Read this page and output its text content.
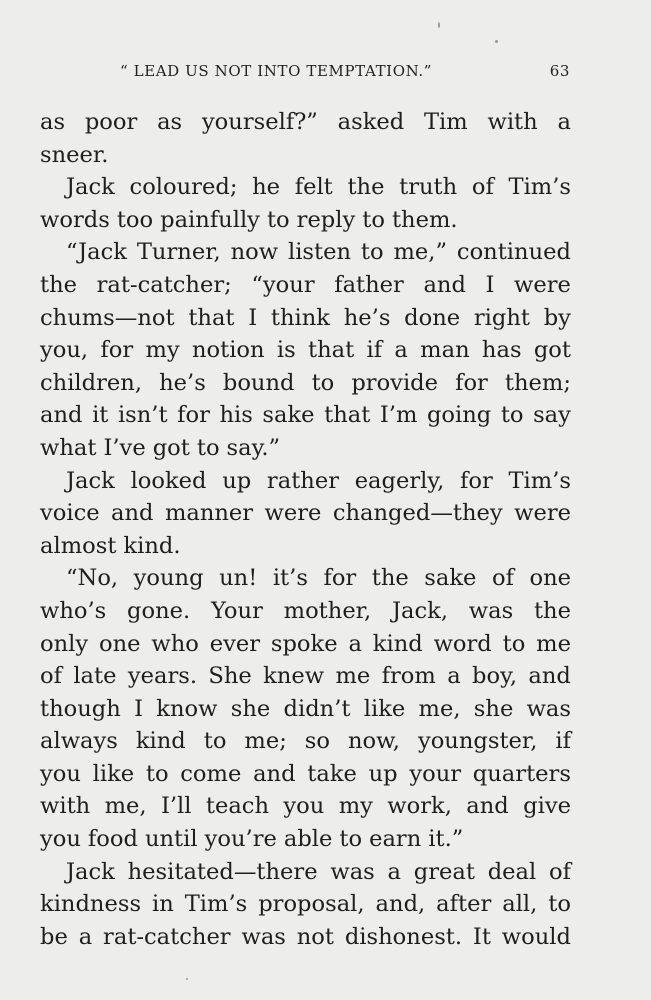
“ LEAD US NOT INTO TEMPTATION.”	63
as poor as yourself?” asked Tim with a
sneer.
Jack coloured; he felt the truth of Tim’s
words too painfully to reply to them.
“Jack Turner, now listen to me,” continued
the rat-catcher; “your father and I were
chums—not that I think he’s done right by
you, for my notion is that if a man has got
children, he’s bound to provide for them;
and it isn’t for his sake that I’m going to say
what I’ve got to say.”
Jack looked up rather eagerly, for Tim’s
voice and manner were changed—they were
almost kind.
“No, young un! it’s for the sake of one
who’s gone. Your mother, Jack, was the
only one who ever spoke a kind word to me
of late years. She knew me from a boy, and
though I know she didn’t like me, she was
always kind to me; so now, youngster, if
you like to come and take up your quarters
with me, I’ll teach you my work, and give
you food until you’re able to earn it.”
Jack hesitated—there was a great deal of
kindness in Tim’s proposal, and, after all, to
be a rat-catcher was not dishonest. It would
